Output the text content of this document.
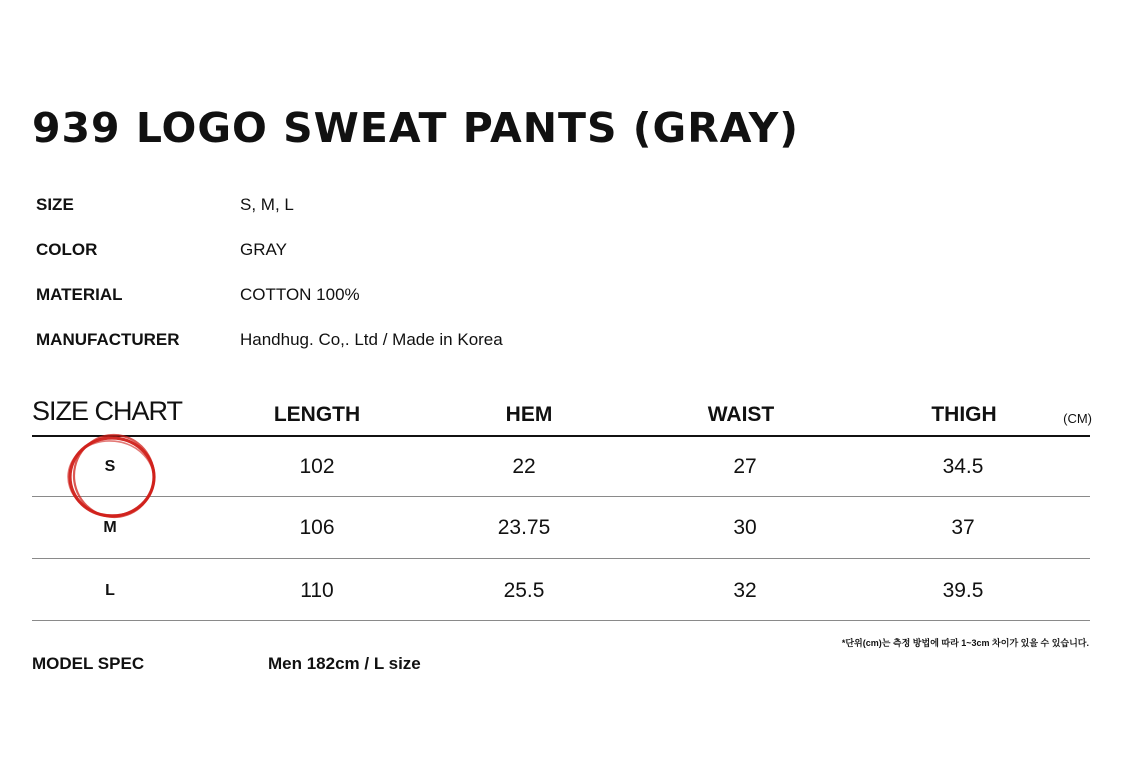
939 LOGO SWEAT PANTS (GRAY)
SIZE	S, M, L
COLOR	GRAY
MATERIAL	COTTON 100%
MANUFACTURER	Handhug. Co,. Ltd / Made in Korea
SIZE CHART	LENGTH	HEM	WAIST	THIGH	(CM)
S	102	22	27	34.5
M	106	23.75	30	37
L	110	25.5	32	39.5
*단위(cm)는 측정 방법에 따라 1~3cm 차이가 있을 수 있습니다.
MODEL SPEC	Men 182cm / L size
